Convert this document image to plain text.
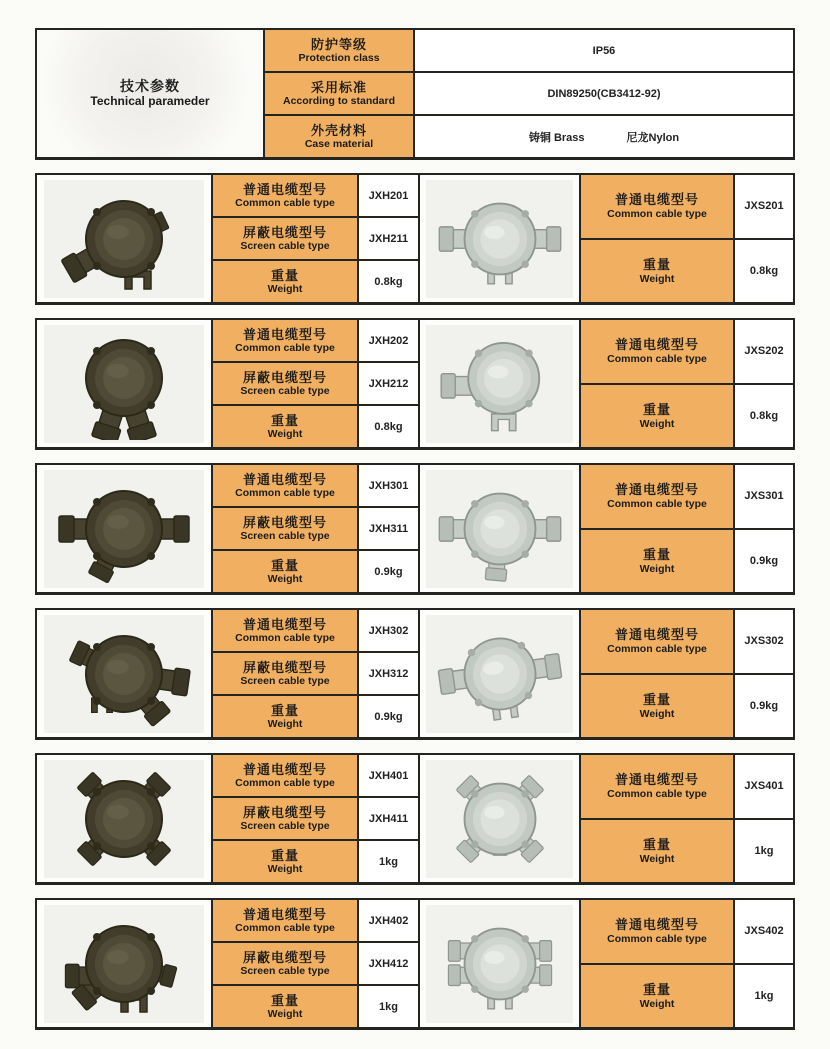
技术参数
Technical parameder
防护等级
Protection class
IP56
采用标准
According to standard
DIN89250(CB3412-92)
外壳材料
Case material
铸铜 Brass	尼龙Nylon
普通电缆型号
Common cable type
JXH201
屏蔽电缆型号
Screen cable type
JXH211
重量
Weight
0.8kg
普通电缆型号
Common cable type
JXS201
重量
Weight
0.8kg
普通电缆型号
Common cable type
JXH202
屏蔽电缆型号
Screen cable type
JXH212
重量
Weight
0.8kg
普通电缆型号
Common cable type
JXS202
重量
Weight
0.8kg
普通电缆型号
Common cable type
JXH301
屏蔽电缆型号
Screen cable type
JXH311
重量
Weight
0.9kg
普通电缆型号
Common cable type
JXS301
重量
Weight
0.9kg
普通电缆型号
Common cable type
JXH302
屏蔽电缆型号
Screen cable type
JXH312
重量
Weight
0.9kg
普通电缆型号
Common cable type
JXS302
重量
Weight
0.9kg
普通电缆型号
Common cable type
JXH401
屏蔽电缆型号
Screen cable type
JXH411
重量
Weight
1kg
普通电缆型号
Common cable type
JXS401
重量
Weight
1kg
普通电缆型号
Common cable type
JXH402
屏蔽电缆型号
Screen cable type
JXH412
重量
Weight
1kg
普通电缆型号
Common cable type
JXS402
重量
Weight
1kg
